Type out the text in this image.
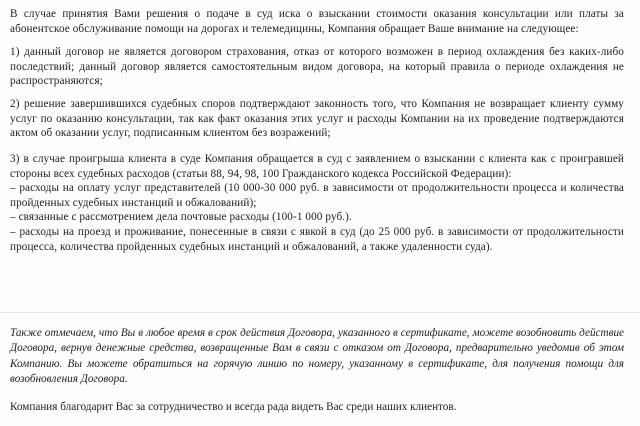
В случае принятия Вами решения о подаче в суд иска о взыскании стоимости оказания консультации или платы за абонентское обслуживание помощи на дорогах и телемедицины, Компания обращает Ваше внимание на следующее:

1) данный договор не является договором страхования, отказ от которого возможен в период охлаждения без каких-либо последствий; данный договор является самостоятельным видом договора, на который правила о периоде охлаждения не распространяются;

2) решение завершившихся судебных споров подтверждают законность того, что Компания не возвращает клиенту сумму услуг по оказанию консультации, так как факт оказания этих услуг и расходы Компании на их проведение подтверждаются актом об оказании услуг, подписанным клиентом без возражений;

3) в случае проигрыша клиента в суде Компания обращается в суд с заявлением о взыскании с клиента как с проигравшей стороны всех судебных расходов (статьи 88, 94, 98, 100 Гражданского кодекса Российской Федерации):

– расходы на оплату услуг представителей (10 000-30 000 руб. в зависимости от продолжительности процесса и количества пройденных судебных инстанций и обжалований);

– связанные с рассмотрением дела почтовые расходы (100-1 000 руб.).

– расходы на проезд и проживание, понесенные в связи с явкой в суд (до 25 000 руб. в зависимости от продолжительности процесса, количества пройденных судебных инстанций и обжалований, а также удаленности суда).

Также отмечаем, что Вы в любое время в срок действия Договора, указанного в сертификате, можете возобновить действие Договора, вернув денежные средства, возвращенные Вам в связи с отказом от Договора, предварительно уведомив об этом Компанию. Вы можете обратиться на горячую линию по номеру, указанному в сертификате, для получения помощи для возобновления Договора.

Компания благодарит Вас за сотрудничество и всегда рада видеть Вас среди наших клиентов.
